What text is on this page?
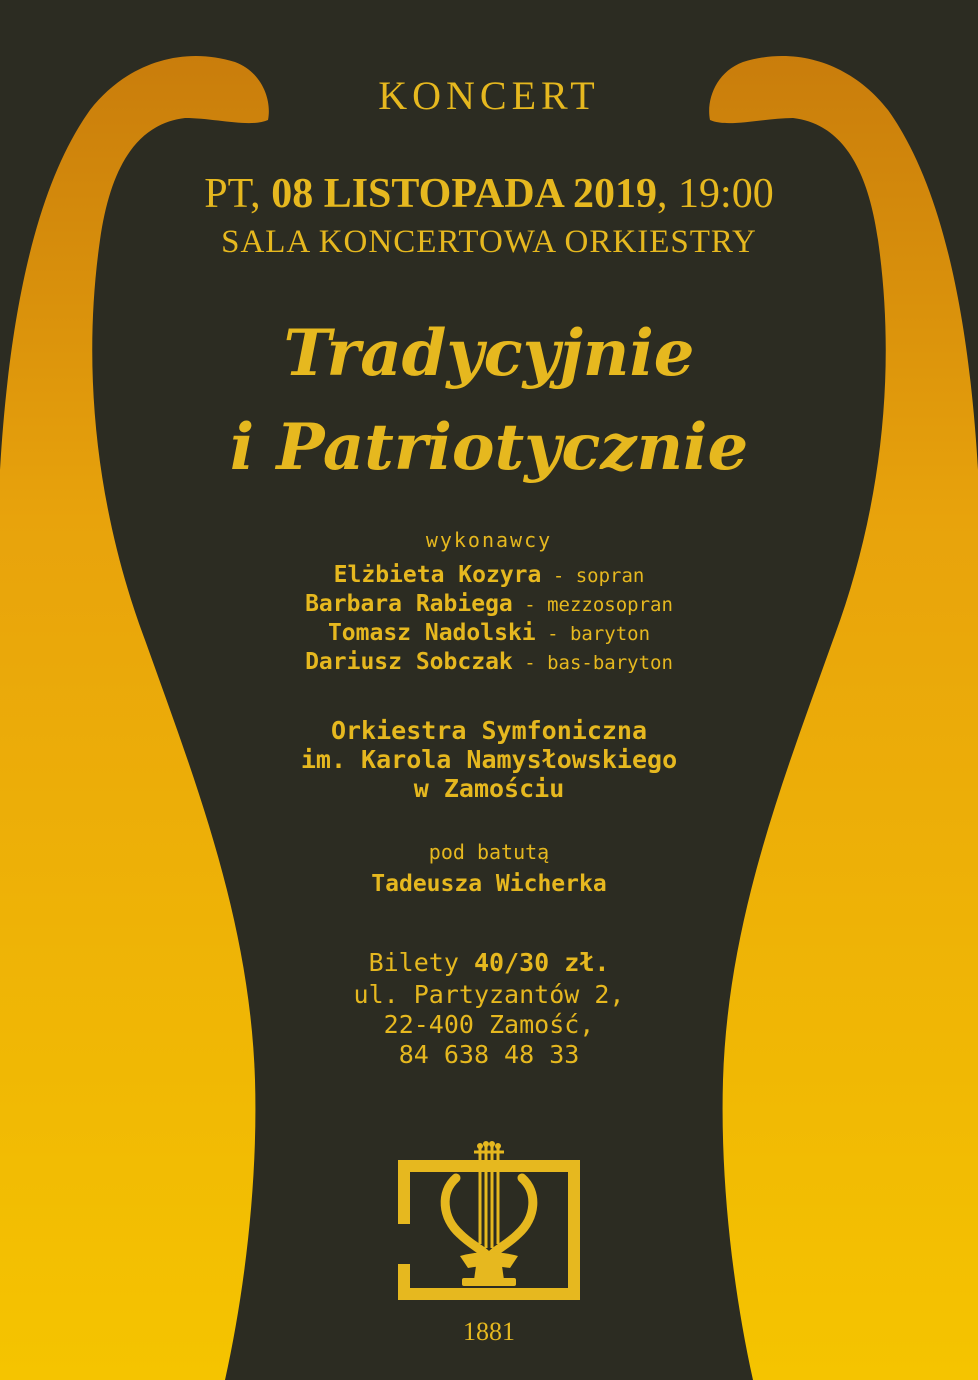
KONCERT
PT, 08 LISTOPADA 2019, 19:00
SALA KONCERTOWA ORKIESTRY
Tradycyjnie
i Patriotycznie
wykonawcy
Elżbieta Kozyra - sopran
Barbara Rabiega - mezzosopran
Tomasz Nadolski - baryton
Dariusz Sobczak - bas-baryton
Orkiestra Symfoniczna
im. Karola Namysłowskiego
w Zamościu
pod batutą
Tadeusza Wicherka
Bilety 40/30 zł.
ul. Partyzantów 2,
22-400 Zamość,
84 638 48 33
1881
